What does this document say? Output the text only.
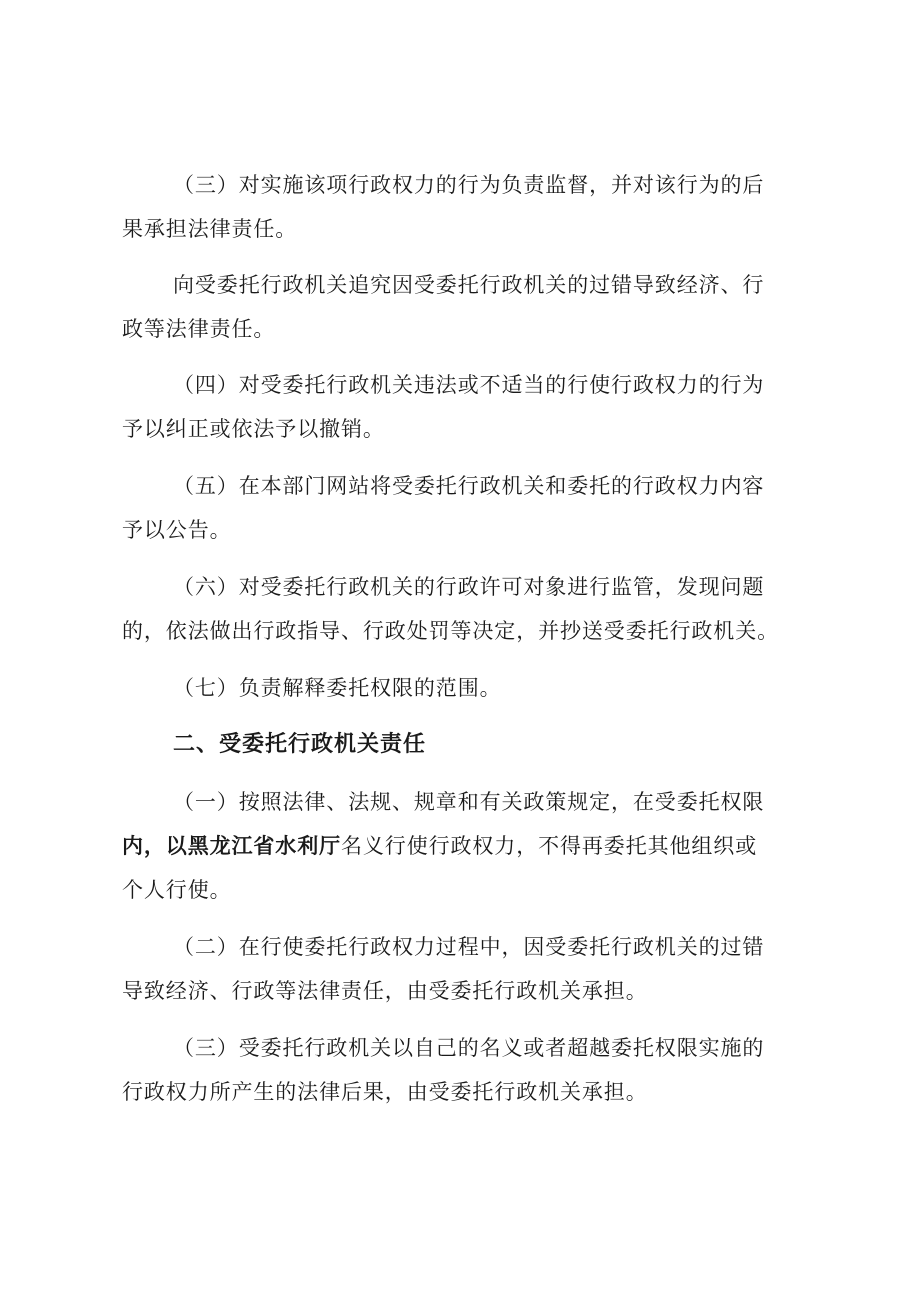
（三）对实施该项行政权力的行为负责监督，并对该行为的后

果承担法律责任。

向受委托行政机关追究因受委托行政机关的过错导致经济、行

政等法律责任。

（四）对受委托行政机关违法或不适当的行使行政权力的行为

予以纠正或依法予以撤销。

（五）在本部门网站将受委托行政机关和委托的行政权力内容

予以公告。

（六）对受委托行政机关的行政许可对象进行监管，发现问题

的，依法做出行政指导、行政处罚等决定，并抄送受委托行政机关。

（七）负责解释委托权限的范围。

二、受委托行政机关责任

（一）按照法律、法规、规章和有关政策规定，在受委托权限

内，以黑龙江省水利厅名义行使行政权力，不得再委托其他组织或

个人行使。

（二）在行使委托行政权力过程中，因受委托行政机关的过错

导致经济、行政等法律责任，由受委托行政机关承担。

（三）受委托行政机关以自己的名义或者超越委托权限实施的

行政权力所产生的法律后果，由受委托行政机关承担。
